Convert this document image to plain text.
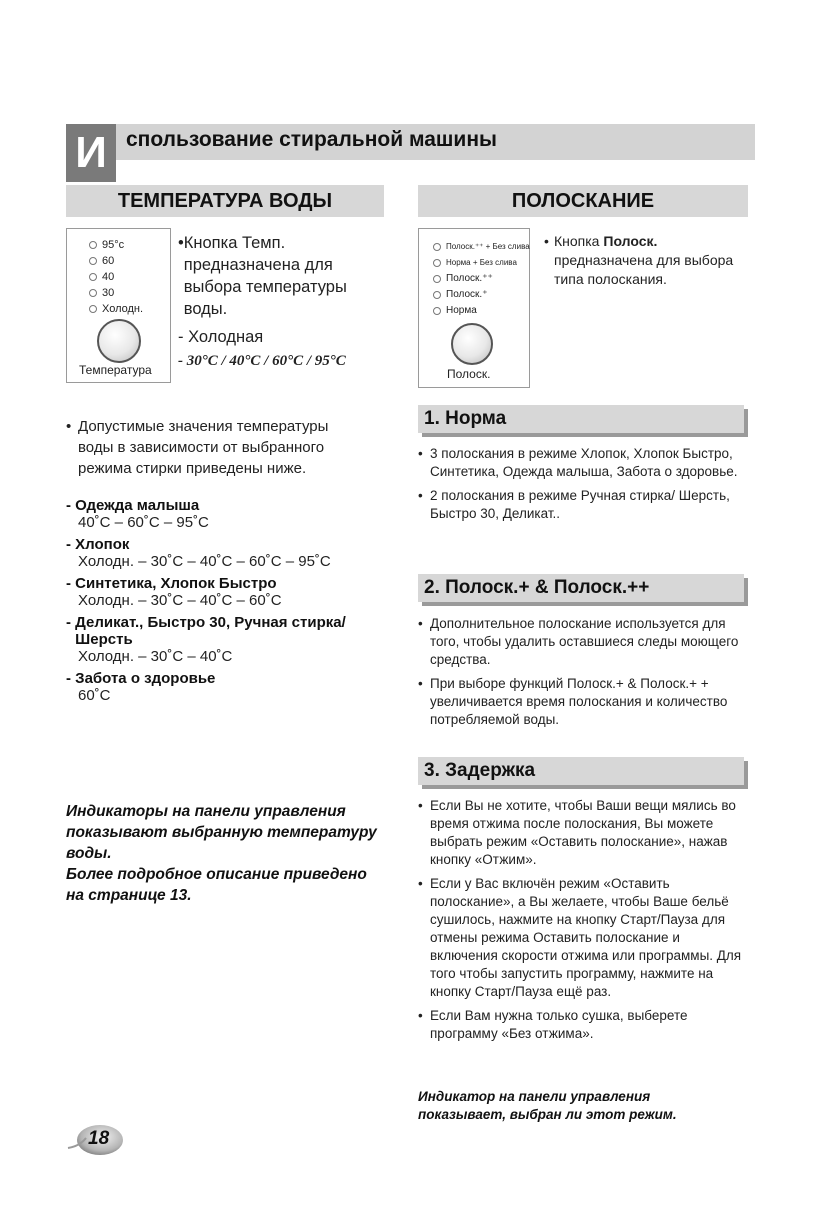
И спользование стиральной машины
ТЕМПЕРАТУРА ВОДЫ
95°c
60
40
30
Холодн.
Температура
• Кнопка Темп. предназначена для выбора температуры воды.
- Холодная
- 30°C / 40°C / 60°C / 95°C
• Допустимые значения температуры воды в зависимости от выбранного режима стирки приведены ниже.
- Одежда малыша
40˚C – 60˚C – 95˚C
- Хлопок
Холодн. – 30˚C – 40˚C – 60˚C – 95˚C
- Синтетика, Хлопок Быстро
Холодн. – 30˚C – 40˚C – 60˚C
- Деликат., Быстро 30, Ручная стирка/ Шерсть
Холодн. – 30˚C – 40˚C
- Забота о здоровье
60˚C
Индикаторы на панели управления показывают выбранную температуру воды.
Более подробное описание приведено на странице 13.
ПОЛОСКАНИЕ
Полоск.⁺⁺ + Без слива
Норма + Без слива
Полоск.⁺⁺
Полоск.⁺
Норма
Полоск.
• Кнопка Полоск. предназначена для выбора типа полоскания.
1. Норма
• 3 полоскания в режиме Хлопок, Хлопок Быстро, Синтетика, Одежда малыша, Забота о здоровье.
• 2 полоскания в режиме Ручная стирка/ Шерсть, Быстро 30, Деликат..
2. Полоск.+ & Полоск.++
• Дополнительное полоскание используется для того, чтобы удалить оставшиеся следы моющего средства.
• При выборе функций Полоск.+ & Полоск.+ + увеличивается время полоскания и количество потребляемой воды.
3. Задержка
• Если Вы не хотите, чтобы Ваши вещи мялись во время отжима после полоскания, Вы можете выбрать режим «Оставить полоскание», нажав кнопку «Отжим».
• Если у Вас включён режим «Оставить полоскание», а Вы желаете, чтобы Ваше бельё сушилось, нажмите на кнопку Старт/Пауза для отмены режима Оставить полоскание и включения скорости отжима или программы. Для того чтобы запустить программу, нажмите на кнопку Старт/Пауза ещё раз.
• Если Вам нужна только сушка, выберете программу «Без отжима».
Индикатор на панели управления показывает, выбран ли этот режим.
18
